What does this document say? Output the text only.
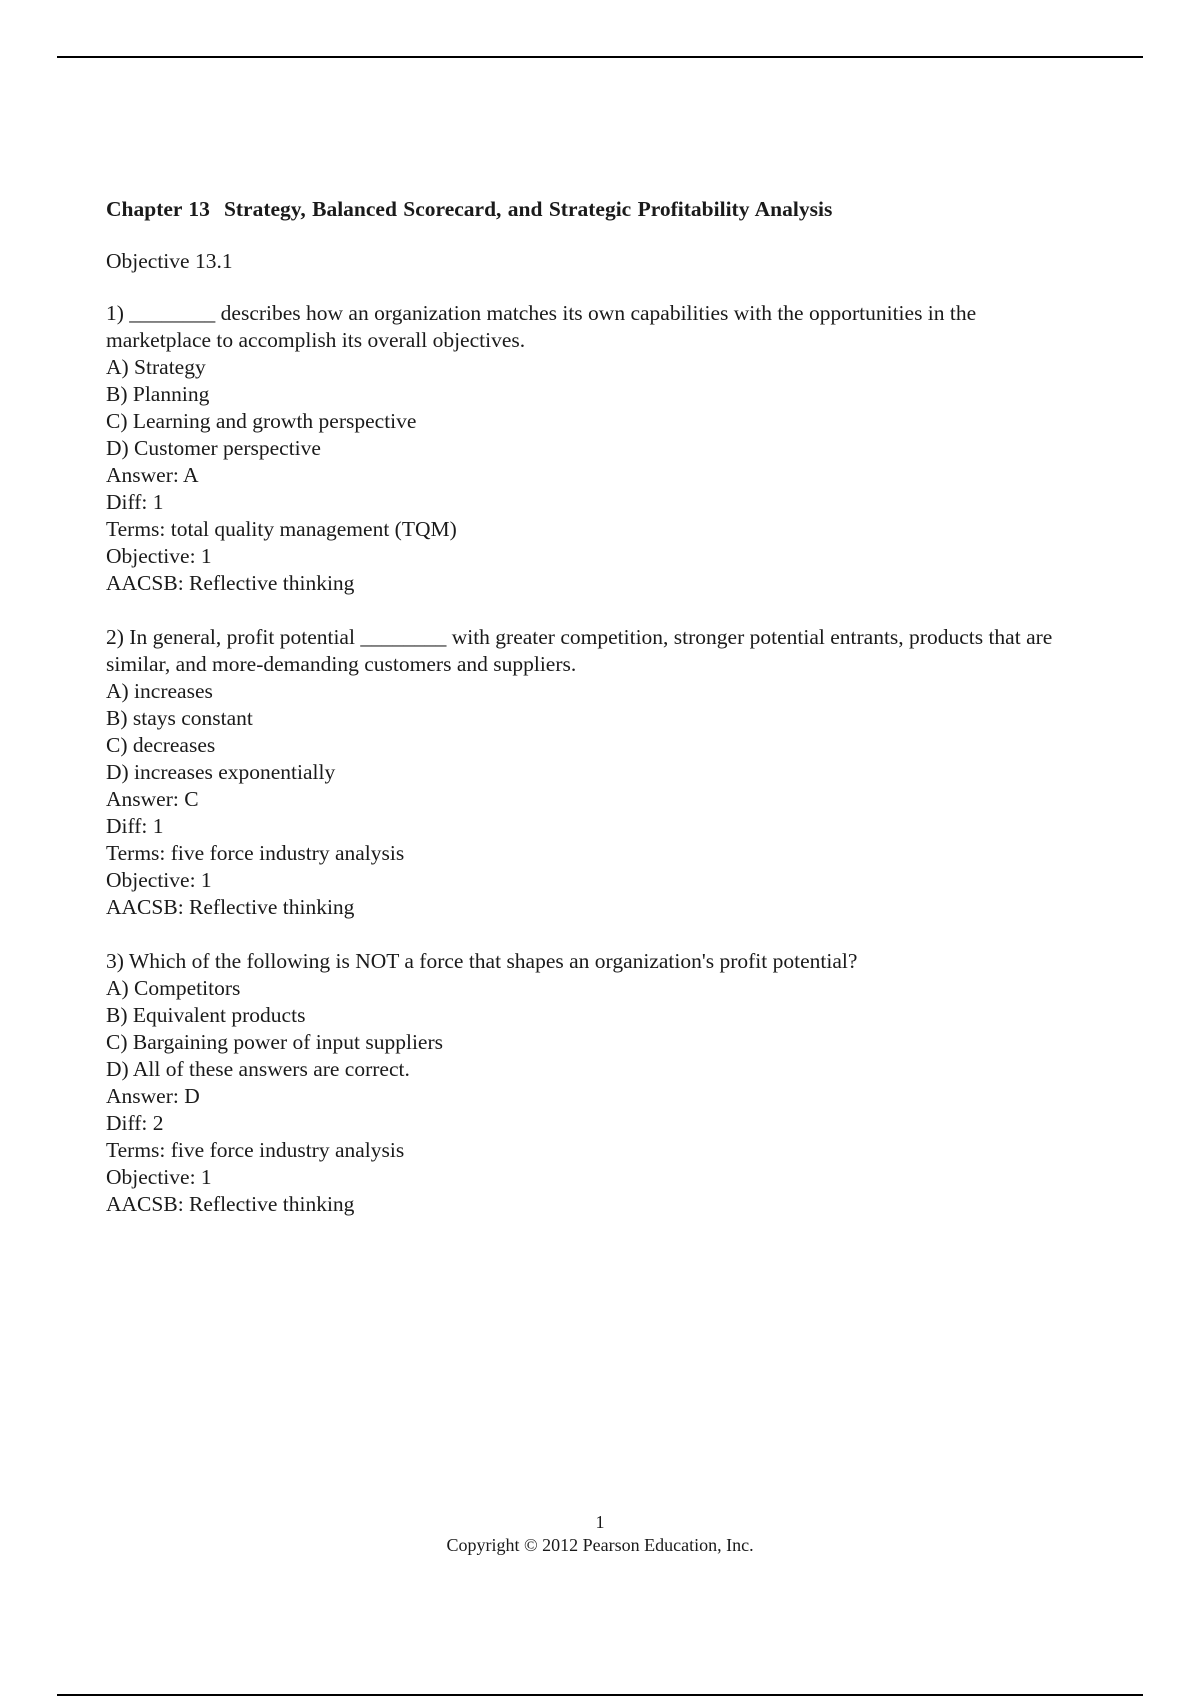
Chapter 13 Strategy, Balanced Scorecard, and Strategic Profitability Analysis

Objective 13.1

1) ________ describes how an organization matches its own capabilities with the opportunities in the marketplace to accomplish its overall objectives.

A) Strategy

B) Planning

C) Learning and growth perspective

D) Customer perspective

Answer: A

Diff: 1

Terms: total quality management (TQM)

Objective: 1

AACSB: Reflective thinking

2) In general, profit potential ________ with greater competition, stronger potential entrants, products that are similar, and more-demanding customers and suppliers.

A) increases

B) stays constant

C) decreases

D) increases exponentially

Answer: C

Diff: 1

Terms: five force industry analysis

Objective: 1

AACSB: Reflective thinking

3) Which of the following is NOT a force that shapes an organization's profit potential?

A) Competitors

B) Equivalent products

C) Bargaining power of input suppliers

D) All of these answers are correct.

Answer: D

Diff: 2

Terms: five force industry analysis

Objective: 1

AACSB: Reflective thinking

1
Copyright © 2012 Pearson Education, Inc.
